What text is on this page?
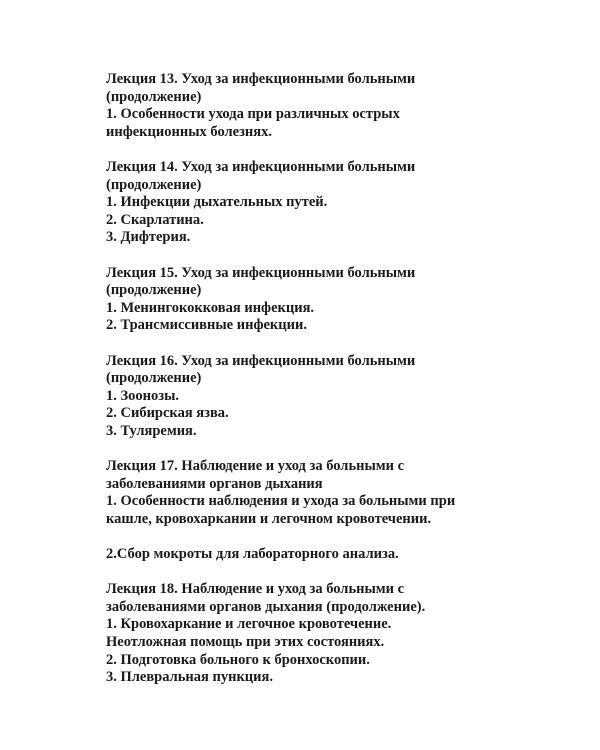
Лекция 13. Уход за инфекционными больными
(продолжение)
1. Особенности ухода при различных острых
инфекционных болезнях.
Лекция 14. Уход за инфекционными больными
(продолжение)
1. Инфекции дыхательных путей.
2. Скарлатина.
3. Дифтерия.
Лекция 15. Уход за инфекционными больными
(продолжение)
1. Менингококковая инфекция.
2. Трансмиссивные инфекции.
Лекция 16. Уход за инфекционными больными
(продолжение)
1. Зоонозы.
2. Сибирская язва.
3. Туляремия.
Лекция 17. Наблюдение и уход за больными с
заболеваниями органов дыхания
1. Особенности наблюдения и ухода за больными при
кашле, кровохаркании и легочном кровотечении.
2.Сбор мокроты для лабораторного анализа.
Лекция 18. Наблюдение и уход за больными с
заболеваниями органов дыхания (продолжение).
1. Кровохаркание и легочное кровотечение.
Неотложная помощь при этих состояниях.
2. Подготовка больного к бронхоскопии.
3. Плевральная пункция.
